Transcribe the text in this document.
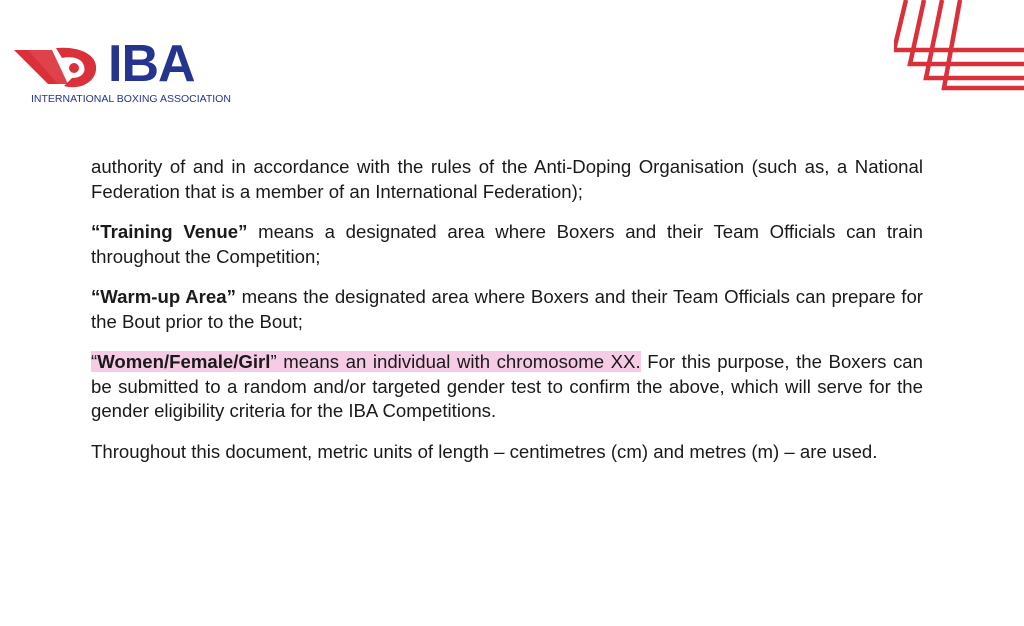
IBA
INTERNATIONAL BOXING ASSOCIATION

authority of and in accordance with the rules of the Anti-Doping Organisation (such as, a National Federation that is a member of an International Federation);

“Training Venue” means a designated area where Boxers and their Team Officials can train throughout the Competition;

“Warm-up Area” means the designated area where Boxers and their Team Officials can prepare for the Bout prior to the Bout;

“Women/Female/Girl” means an individual with chromosome XX. For this purpose, the Boxers can be submitted to a random and/or targeted gender test to confirm the above, which will serve for the gender eligibility criteria for the IBA Competitions.

Throughout this document, metric units of length – centimetres (cm) and metres (m) – are used.
